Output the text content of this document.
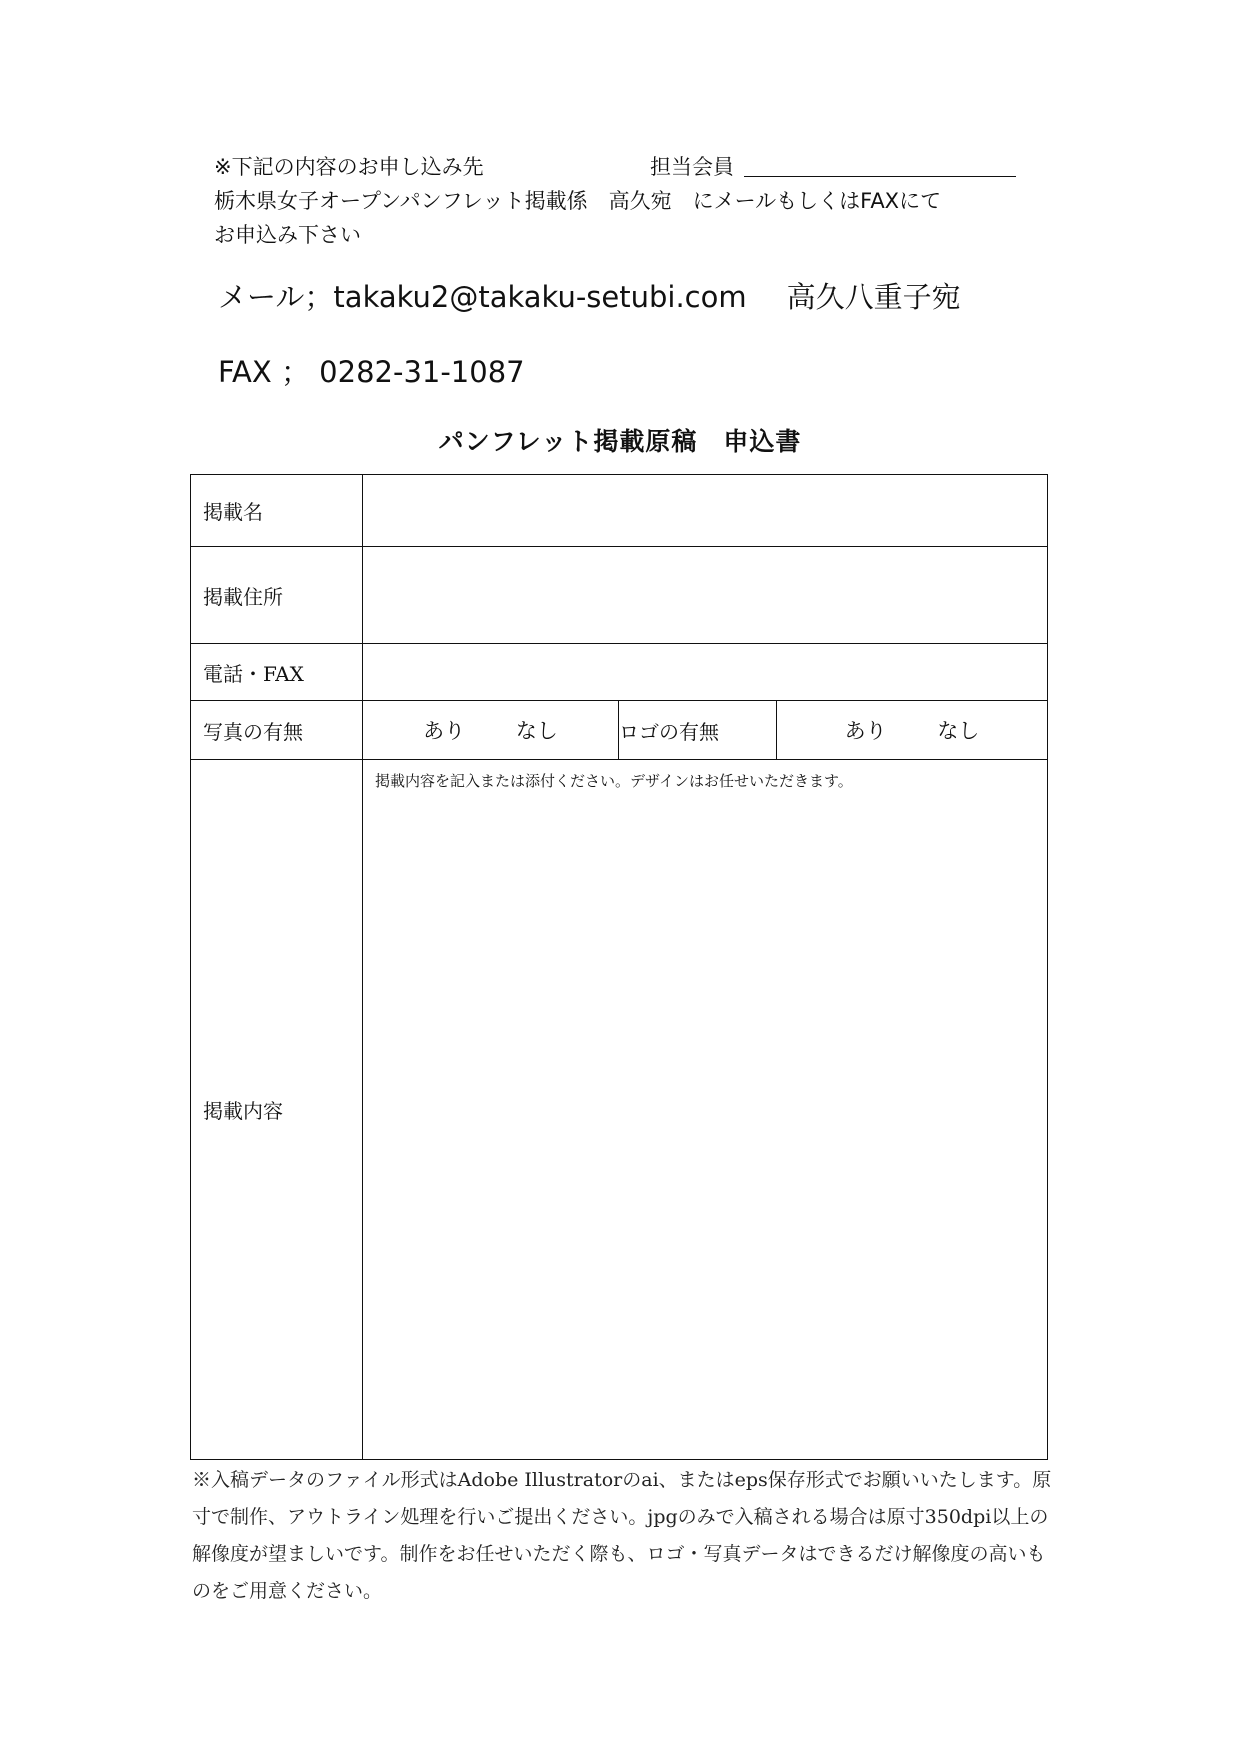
※下記の内容のお申し込み先	担当会員
栃木県女子オープンパンフレット掲載係　高久宛　にメールもしくはFAXにて
お申込み下さい
メール；takaku2@takaku-setubi.com 高久八重子宛
FAX ； 0282-31-1087
パンフレット掲載原稿　申込書
掲載名			
掲載住所			
電話・FAX			
写真の有無	あり なし	ロゴの有無	あり なし
掲載内容	掲載内容を記入または添付ください。デザインはお任せいただきます。		
※入稿データのファイル形式はAdobe Illustratorのai、またはeps保存形式でお願いいたします。原寸で制作、アウトライン処理を行いご提出ください。jpgのみで入稿される場合は原寸350dpi以上の解像度が望ましいです。制作をお任せいただく際も、ロゴ・写真データはできるだけ解像度の高いものをご用意ください。
